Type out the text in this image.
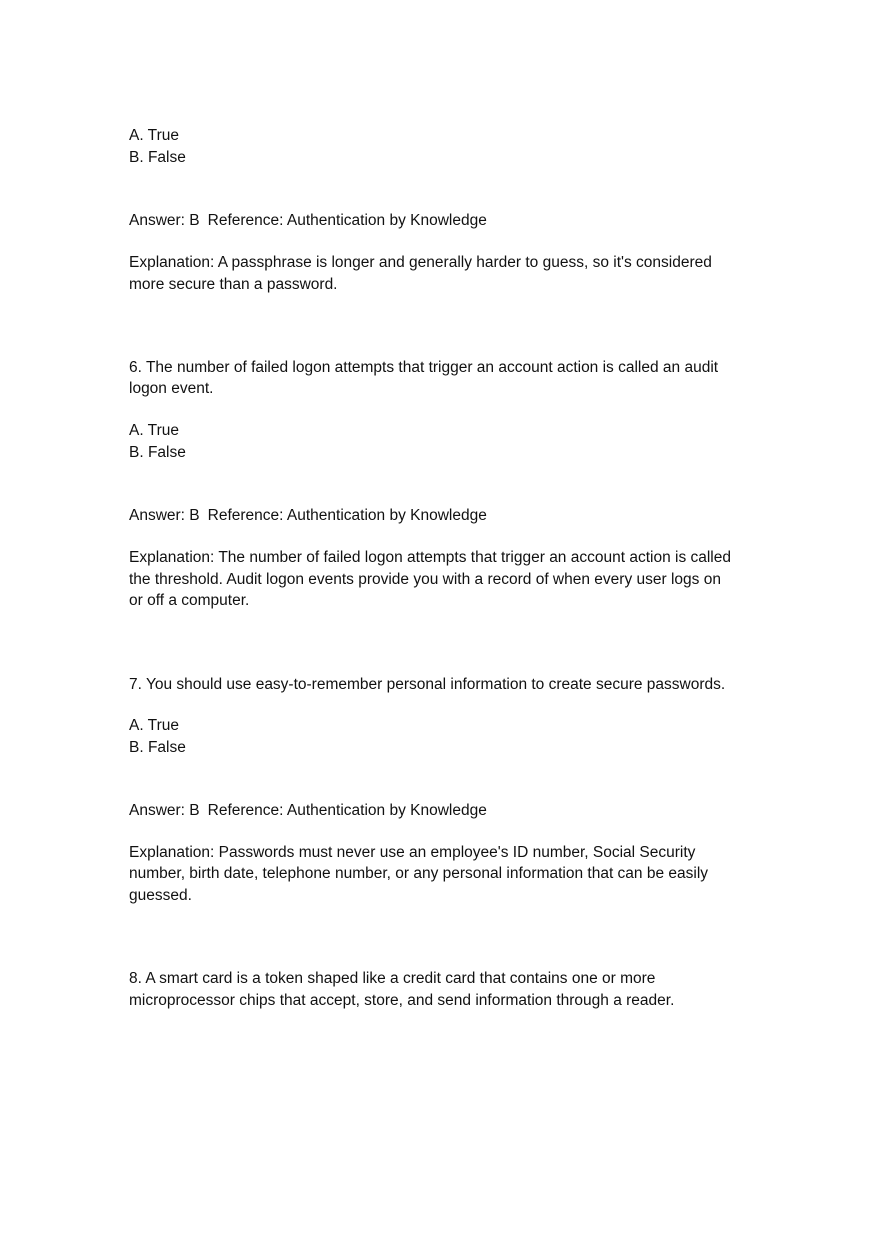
A. True
B. False
Answer: B Reference: Authentication by Knowledge
Explanation: A passphrase is longer and generally harder to guess, so it's considered
more secure than a password.
6. The number of failed logon attempts that trigger an account action is called an audit
logon event.
A. True
B. False
Answer: B Reference: Authentication by Knowledge
Explanation: The number of failed logon attempts that trigger an account action is called
the threshold. Audit logon events provide you with a record of when every user logs on
or off a computer.
7. You should use easy-to-remember personal information to create secure passwords.
A. True
B. False
Answer: B Reference: Authentication by Knowledge
Explanation: Passwords must never use an employee's ID number, Social Security
number, birth date, telephone number, or any personal information that can be easily
guessed.
8. A smart card is a token shaped like a credit card that contains one or more
microprocessor chips that accept, store, and send information through a reader.
